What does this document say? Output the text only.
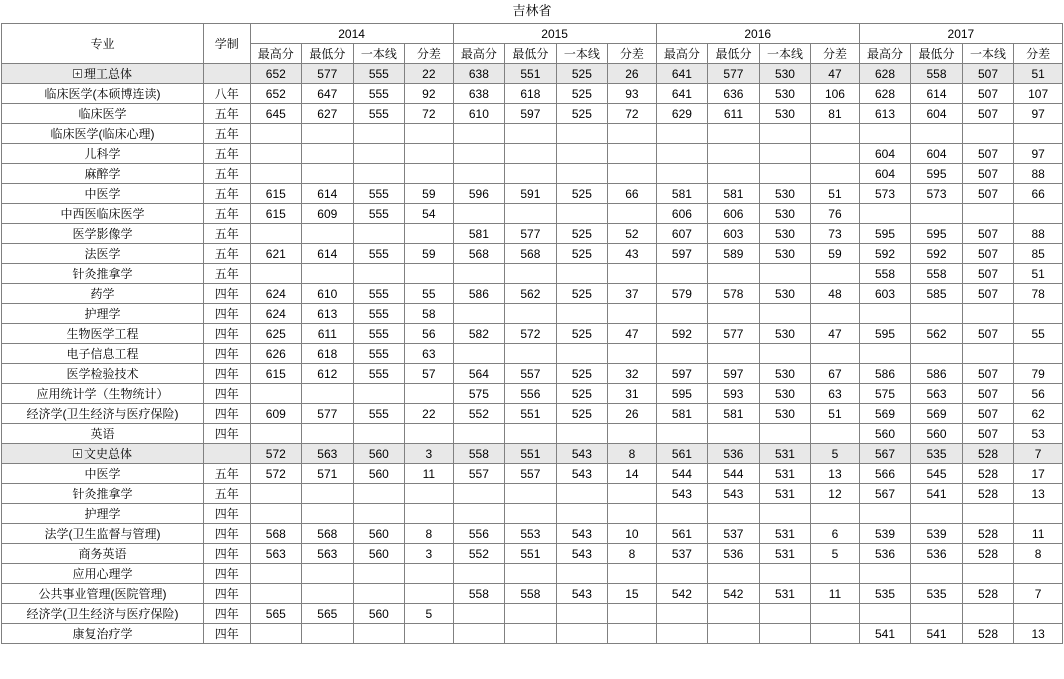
吉林省
专业	学制	2014				2015				2016				2017			
		最高分	最低分	一本线	分差	最高分	最低分	一本线	分差	最高分	最低分	一本线	分差	最高分	最低分	一本线	分差
+ 理工总体		652	577	555	22	638	551	525	26	641	577	530	47	628	558	507	51
临床医学(本硕博连读)	八年	652	647	555	92	638	618	525	93	641	636	530	106	628	614	507	107
临床医学	五年	645	627	555	72	610	597	525	72	629	611	530	81	613	604	507	97
临床医学(临床心理)	五年																
儿科学	五年													604	604	507	97
麻醉学	五年													604	595	507	88
中医学	五年	615	614	555	59	596	591	525	66	581	581	530	51	573	573	507	66
中西医临床医学	五年	615	609	555	54					606	606	530	76				
医学影像学	五年					581	577	525	52	607	603	530	73	595	595	507	88
法医学	五年	621	614	555	59	568	568	525	43	597	589	530	59	592	592	507	85
针灸推拿学	五年													558	558	507	51
药学	四年	624	610	555	55	586	562	525	37	579	578	530	48	603	585	507	78
护理学	四年	624	613	555	58												
生物医学工程	四年	625	611	555	56	582	572	525	47	592	577	530	47	595	562	507	55
电子信息工程	四年	626	618	555	63												
医学检验技术	四年	615	612	555	57	564	557	525	32	597	597	530	67	586	586	507	79
应用统计学（生物统计）	四年					575	556	525	31	595	593	530	63	575	563	507	56
经济学(卫生经济与医疗保险)	四年	609	577	555	22	552	551	525	26	581	581	530	51	569	569	507	62
英语	四年													560	560	507	53
+ 文史总体		572	563	560	3	558	551	543	8	561	536	531	5	567	535	528	7
中医学	五年	572	571	560	11	557	557	543	14	544	544	531	13	566	545	528	17
针灸推拿学	五年									543	543	531	12	567	541	528	13
护理学	四年																
法学(卫生监督与管理)	四年	568	568	560	8	556	553	543	10	561	537	531	6	539	539	528	11
商务英语	四年	563	563	560	3	552	551	543	8	537	536	531	5	536	536	528	8
应用心理学	四年																
公共事业管理(医院管理)	四年					558	558	543	15	542	542	531	11	535	535	528	7
经济学(卫生经济与医疗保险)	四年	565	565	560	5												
康复治疗学	四年													541	541	528	13
